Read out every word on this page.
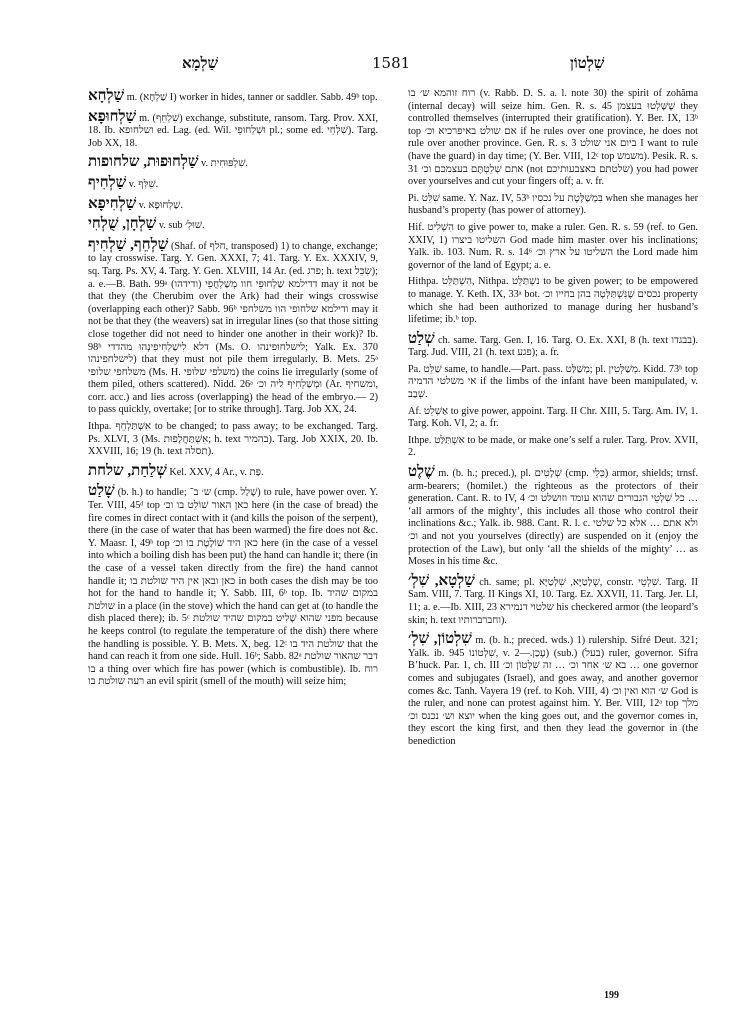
שַׁלְמָא	1581	שִׁלְטוֹן

שַׁלְחָא m. (שַׁלְחָא I) worker in hides, tanner or saddler. Sabb. 49ᵇ top.

שַׁלְחוּפָא m. (שִׁלְחֵף) exchange, substitute, ransom. Targ. Prov. XXI, 18. Ib. ושלחופא ed. Lag. (ed. Wil. וּשְׁלְחוּפֵי pl.; some ed. שִׁלְחֵי). Targ. Job XX, 18.

שַׁלְחוּפוּת, שלחופות v. שִׁלְפּוּחִית.

שַׁלְחִיף v. שֵׁלִּף.

שַׁלְחִיפָא v. שַׁלְחוּפָא.

שַׁלְחָן, שֻׁלְחִי v. sub שׁוּלְ׳.

שַׁלְחֵף, שַׁלְחִיף (Shaf. of חלף, transposed) 1) to change, exchange; to lay crosswise. Targ. Y. Gen. XXXI, 7; 41. Targ. Y. Ex. XXXIV, 9, sq. Targ. Ps. XV, 4. Targ. Y. Gen. XLVIII, 14 Ar. (ed. פרג; h. text שִׂכֵּל); a. e.—B. Bath. 99ᵃ דדילמא שַׁלְחוּפֵי חוו מְשַׁלְחֲפֵי (ודידהו) may it not be that they (the Cherubim over the Ark) had their wings crosswise (overlapping each other)? Sabb. 96ᵇ ודילמא שלחופי הוו משלחפי may it not be that they (the weavers) sat in irregular lines (so that those sitting close together did not need to hinder one another in their work)? Ib. 98ᵇ דלא לִישַׁלְחִיפִינְהוּ מהדדי (Ms. O. לישלחופינהו; Yalk. Ex. 370 לישלחפינהו) that they must not pile them irregularly. B. Mets. 25ᵃ משלחפי שלופי (Ms. H. משלפי שלופי) the coins lie irregularly (some of them piled, others scattered). Nidd. 26ᵃ וּמְשַׁלְחִיף ליה וכ׳ (Ar. ומשחיף, corr. acc.) and lies across (overlapping) the head of the embryo.— 2) to pass quickly, overtake; [or to strike through]. Targ. Job XX, 24.

Ithpa. אִשְׁתַּלְחֵף to be changed; to pass away; to be exchanged. Targ. Ps. XLVI, 3 (Ms. אִשְׁתַּחֲלָפוּת; h. text בהמיר). Targ. Job XXIX, 20. Ib. XXVIII, 16; 19 (h. text תסלה).

שְׁלַחַת, שלחת Kel. XXV, 4 Ar., v. פַּת.

שָׁלַט (b. h.) to handle; ש׳ ב־ (cmp. שָׁלַל) to rule, have power over. Y. Ter. VIII, 45ᵈ top כאן האור שׁוֹלֵט בו וכ׳ here (in the case of bread) the fire comes in direct contact with it (and kills the poison of the serpent), there (in the case of water that has been warmed) the fire does not &c. Y. Maasr. I, 49ᵇ top כאן היד שׁוֹלֶטֶת בו וכ׳ here (in the case of a vessel into which a boiling dish has been put) the hand can handle it; there (in the case of a vessel taken directly from the fire) the hand cannot handle it; כאן ובאן אין היד שולטת בו in both cases the dish may be too hot for the hand to handle it; Y. Sabb. III, 6ᵇ top. Ib. במקום שהיד שולטת in a place (in the stove) which the hand can get at (to handle the dish placed there); ib. 5ᶜ מפני שהוא שָׁלִיט במקום שהיד שולטת because he keeps control (to regulate the temperature of the dish) there where the handling is possible. Y. B. Mets. X, beg. 12ᶜ שולטת היד בו that the hand can reach it from one side. Hull. 16ᵇ; Sabb. 82ᵃ דבר שהאור שולטת בו a thing over which fire has power (which is combustible). Ib. רוח רעה שולטת בו an evil spirit (smell of the mouth) will seize him;

רוח זוהמא ש׳ בו (v. Rabb. D. S. a. l. note 30) the spirit of zohăma (internal decay) will seize him. Gen. R. s. 45 שֶׁשָּׁלְטוּ בעצמן they controlled themselves (interrupted their gratification). Y. Ber. IX, 13ᵇ top אם שולט באיפרכיא וכ׳ if he rules over one province, he does not rule over another province. Gen. R. s. 3 ביום אני שולט I want to rule (have the guard) in day time; (Y. Ber. VIII, 12ᶜ top משמש). Pesik. R. s. 31 אתם שְׁלֵטְתֶּם בעצמכם וכ׳ (not שלטתם באצבעותיכם) you had power over yourselves and cut your fingers off; a. v. fr.

Pi. שִׁלֵּט same. Y. Naz. IV, 53ᵇ בִּמְשַׁלֶּטֶת על נכסיו when she manages her husband’s property (has power of attorney).

Hif. הִשְׁלִיט to give power to, make a ruler. Gen. R. s. 59 (ref. to Gen. XXIV, 1) השליטו ביצרו God made him master over his inclinations; Yalk. ib. 103. Num. R. s. 14⁶ השליטו על ארץ וכ׳ the Lord made him governor of the land of Egypt; a. e.

Hithpa. הִשְׁתַּלֵּט, Nithpa. נִשְׁתַּלֵּט to be given power; to be empowered to manage. Y. Keth. IX, 33ᵃ bot. נכסים שֶׁנִּשְׁתַּלְּטָה בהן בחייו וכ׳ property which she had been authorized to manage during her husband’s lifetime; ib.ᵇ top.

שְׁלַט ch. same. Targ. Gen. I, 16. Targ. O. Ex. XXI, 8 (h. text בבגדו). Targ. Jud. VIII, 21 (h. text פגע); a. fr.

Pa. שַׁלֵּט same, to handle.—Part. pass. מְשַׁלַּט; pl. מְשַׁלְּטִין. Kidd. 73ᵇ top אי משלטי הדמיה if the limbs of the infant have been manipulated, v. שְׁבַב.

Af. אַשְׁלֵט to give power, appoint. Targ. II Chr. XIII, 5. Targ. Am. IV, 1. Targ. Koh. VI, 2; a. fr.

Ithpe. אִשְׁתַּלַּט to be made, or make one’s self a ruler. Targ. Prov. XVII, 2.

שֶׁלֶט m. (b. h.; preced.), pl. שְׁלָטִים (cmp. כְּלֵי) armor, shields; trnsf. arm-bearers; (homilet.) the righteous as the protectors of their generation. Cant. R. to IV, 4 כל שִׁלְטֵי הגבורים שהוא עומד וזושלט וכ׳ … ‘all armors of the mighty’, this includes all those who control their inclinations &c.; Yalk. ib. 988. Cant. R. l. c. ולא אתם … אלא כל שלטי וכ׳ and not you yourselves (directly) are suspended on it (enjoy the protection of the Law), but only ‘all the shields of the mighty’ … as Moses in his time &c.

שַׁלְטָא, שִׁלְ׳ ch. same; pl. שְׁלָטַיָּא, שִׁלְטַיָּא, constr. שִׁלְטֵי. Targ. II Sam. VIII, 7. Targ. II Kings XI, 10. Targ. Ez. XXVII, 11. Targ. Jer. LI, 11; a. e.—Ib. XIII, 23 שלטוי דנמירא his checkered armor (the leopard’s skin; h. text וחברברותיו).

שִׁלְטוֹן, שִׁלְ׳ m. (b. h.; preced. wds.) 1) rulership. Sifré Deut. 321; Yalk. ib. 945 שִׁלְטוֹנוֹ, v. עָכַן.—2) (sub.) (בעל) ruler, governor. Sifra B’huck. Par. 1, ch. III בא ש׳ אחד וכ׳ … זה שִׁלְטוֹן וכ׳ … one governor comes and subjugates (Israel), and goes away, and another governor comes &c. Tanh. Vayera 19 (ref. to Koh. VIII, 4) ש׳ הוא ואין וכ׳ God is the ruler, and none can protest against him. Y. Ber. VIII, 12ᵃ top מלך יוצא וש׳ נכנס וכ׳ when the king goes out, and the governor comes in, they escort the king first, and then they lead the governor in (the benediction

199
